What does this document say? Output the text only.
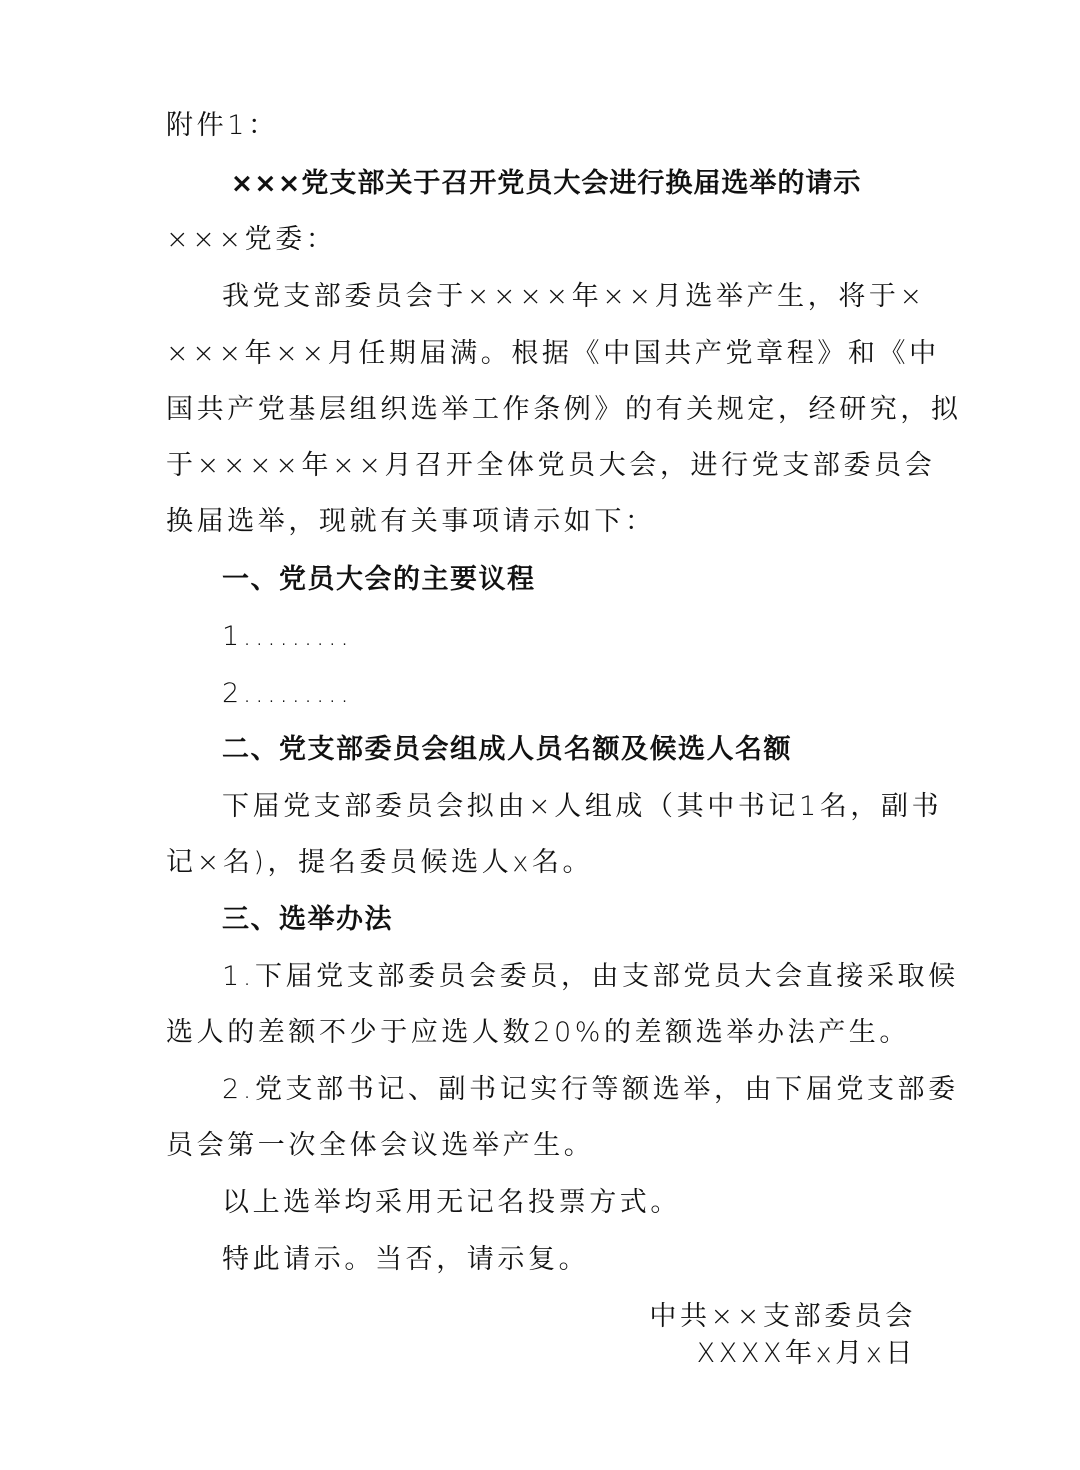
附件1：
×××党支部关于召开党员大会进行换届选举的请示
×××党委：
我党支部委员会于××××年××月选举产生，将于×
×××年××月任期届满。根据《中国共产党章程》和《中
国共产党基层组织选举工作条例》的有关规定，经研究，拟
于××××年××月召开全体党员大会，进行党支部委员会
换届选举，现就有关事项请示如下：
一、党员大会的主要议程
1.........
2.........
二、党支部委员会组成人员名额及候选人名额
下届党支部委员会拟由×人组成（其中书记1名，副书
记×名)，提名委员候选人x名。
三、选举办法
1.下届党支部委员会委员，由支部党员大会直接采取候
选人的差额不少于应选人数20%的差额选举办法产生。
2.党支部书记、副书记实行等额选举，由下届党支部委
员会第一次全体会议选举产生。
以上选举均采用无记名投票方式。
特此请示。当否，请示复。
中共××支部委员会
XXXX年x月x日
